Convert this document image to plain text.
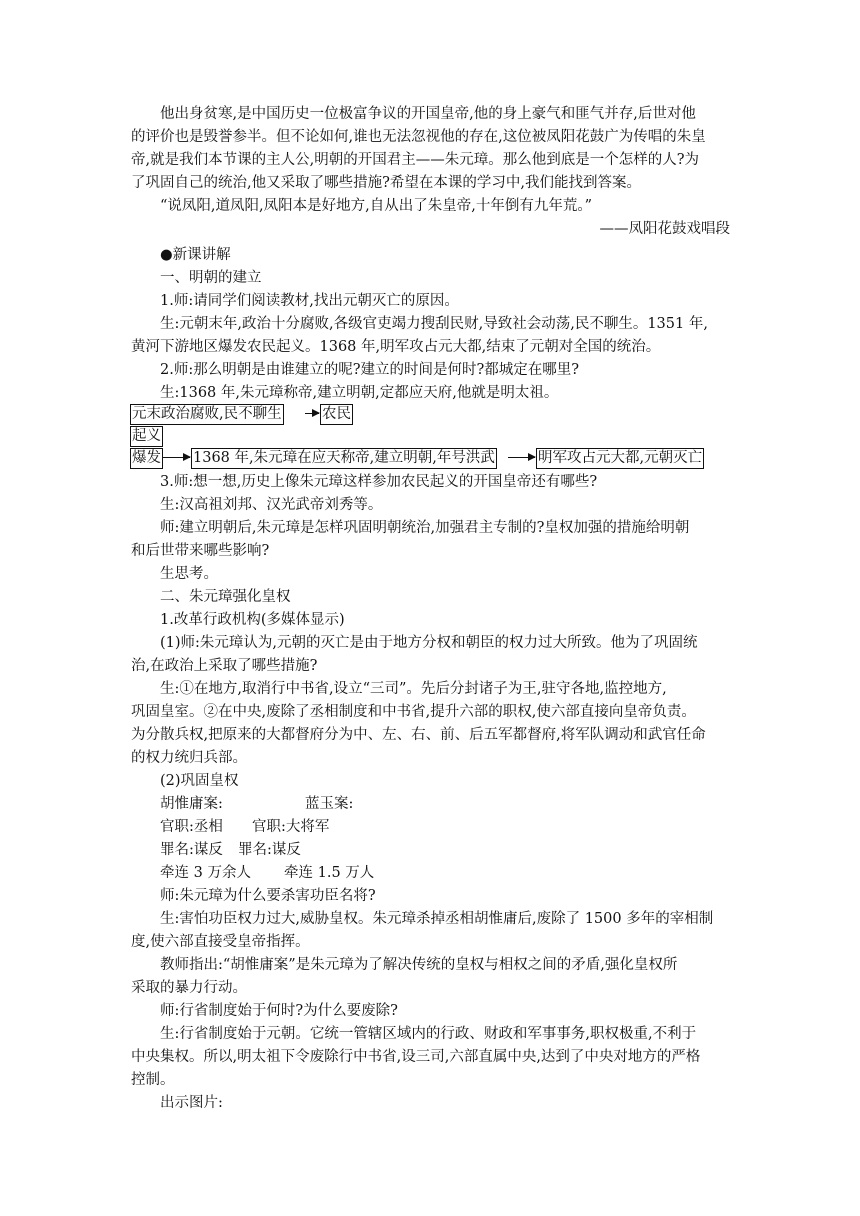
他出身贫寒,是中国历史一位极富争议的开国皇帝,他的身上豪气和匪气并存,后世对他
的评价也是毁誉参半。但不论如何,谁也无法忽视他的存在,这位被凤阳花鼓广为传唱的朱皇
帝,就是我们本节课的主人公,明朝的开国君主——朱元璋。那么他到底是一个怎样的人?为
了巩固自己的统治,他又采取了哪些措施?希望在本课的学习中,我们能找到答案。
“说凤阳,道凤阳,凤阳本是好地方,自从出了朱皇帝,十年倒有九年荒。”
——凤阳花鼓戏唱段
●新课讲解
一、明朝的建立
1.师:请同学们阅读教材,找出元朝灭亡的原因。
生:元朝末年,政治十分腐败,各级官吏竭力搜刮民财,导致社会动荡,民不聊生。1351 年,
黄河下游地区爆发农民起义。1368 年,明军攻占元大都,结束了元朝对全国的统治。
2.师:那么明朝是由谁建立的呢?建立的时间是何时?都城定在哪里?
生:1368 年,朱元璋称帝,建立明朝,定都应天府,他就是明太祖。
元末政治腐败,民不聊生	农民
起义
爆发 1368 年,朱元璋在应天称帝,建立明朝,年号洪武	明军攻占元大都,元朝灭亡
3.师:想一想,历史上像朱元璋这样参加农民起义的开国皇帝还有哪些?
生:汉高祖刘邦、汉光武帝刘秀等。
师:建立明朝后,朱元璋是怎样巩固明朝统治,加强君主专制的?皇权加强的措施给明朝
和后世带来哪些影响?
生思考。
二、朱元璋强化皇权
1.改革行政机构(多媒体显示)
(1)师:朱元璋认为,元朝的灭亡是由于地方分权和朝臣的权力过大所致。他为了巩固统
治,在政治上采取了哪些措施?
生:①在地方,取消行中书省,设立“三司”。先后分封诸子为王,驻守各地,监控地方,
巩固皇室。②在中央,废除了丞相制度和中书省,提升六部的职权,使六部直接向皇帝负责。
为分散兵权,把原来的大都督府分为中、左、右、前、后五军都督府,将军队调动和武官任命
的权力统归兵部。
(2)巩固皇权
胡惟庸案:	蓝玉案:
官职:丞相 官职:大将军
罪名:谋反 罪名:谋反
牵连 3 万余人 牵连 1.5 万人
师:朱元璋为什么要杀害功臣名将?
生:害怕功臣权力过大,威胁皇权。朱元璋杀掉丞相胡惟庸后,废除了 1500 多年的宰相制
度,使六部直接受皇帝指挥。
教师指出:“胡惟庸案”是朱元璋为了解决传统的皇权与相权之间的矛盾,强化皇权所
采取的暴力行动。
师:行省制度始于何时?为什么要废除?
生:行省制度始于元朝。它统一管辖区域内的行政、财政和军事事务,职权极重,不利于
中央集权。所以,明太祖下令废除行中书省,设三司,六部直属中央,达到了中央对地方的严格
控制。
出示图片:
